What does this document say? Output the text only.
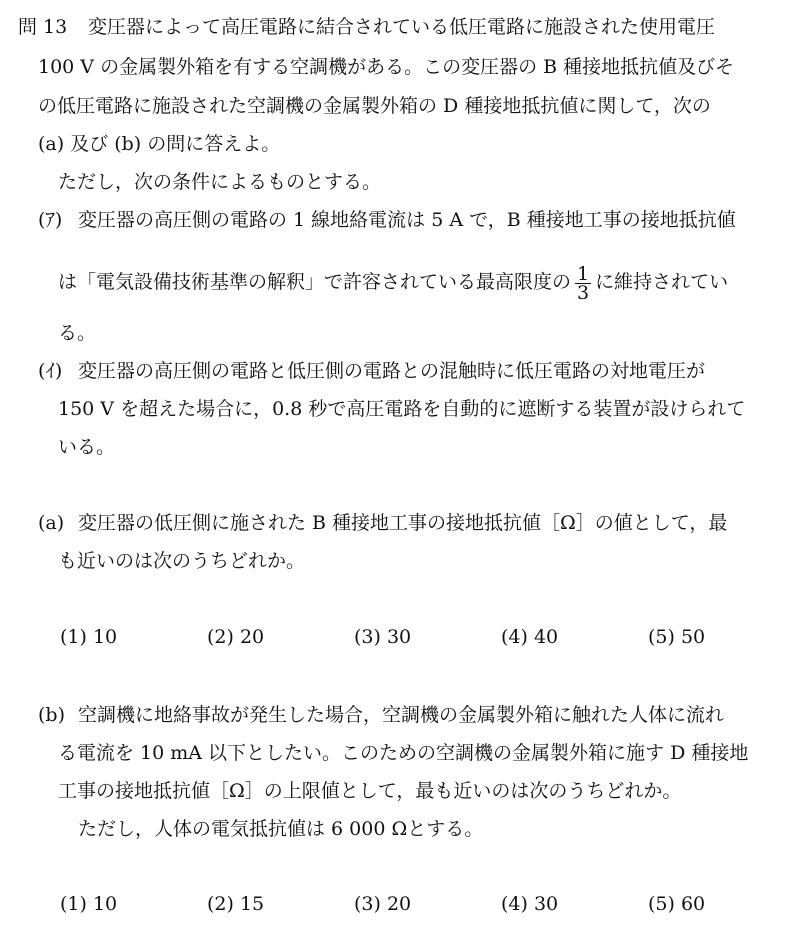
問 13 変圧器によって高圧電路に結合されている低圧電路に施設された使用電圧
100 V の金属製外箱を有する空調機がある。この変圧器の B 種接地抵抗値及びそ
の低圧電路に施設された空調機の金属製外箱の D 種接地抵抗値に関して，次の
(a) 及び (b) の問に答えよ。
ただし，次の条件によるものとする。
(ｱ) 変圧器の高圧側の電路の 1 線地絡電流は 5 A で，B 種接地工事の接地抵抗値
は「電気設備技術基準の解釈」で許容されている最高限度の $\frac{1}{3}$ に維持されてい
る。
(ｲ) 変圧器の高圧側の電路と低圧側の電路との混触時に低圧電路の対地電圧が
150 V を超えた場合に，0.8 秒で高圧電路を自動的に遮断する装置が設けられて
いる。
(a) 変圧器の低圧側に施された B 種接地工事の接地抵抗値［Ω］の値として，最
も近いのは次のうちどれか。
(1) 10	(2) 20	(3) 30	(4) 40	(5) 50
(b) 空調機に地絡事故が発生した場合，空調機の金属製外箱に触れた人体に流れ
る電流を 10 mA 以下としたい。このための空調機の金属製外箱に施す D 種接地
工事の接地抵抗値［Ω］の上限値として，最も近いのは次のうちどれか。
ただし，人体の電気抵抗値は 6 000 Ωとする。
(1) 10	(2) 15	(3) 20	(4) 30	(5) 60
